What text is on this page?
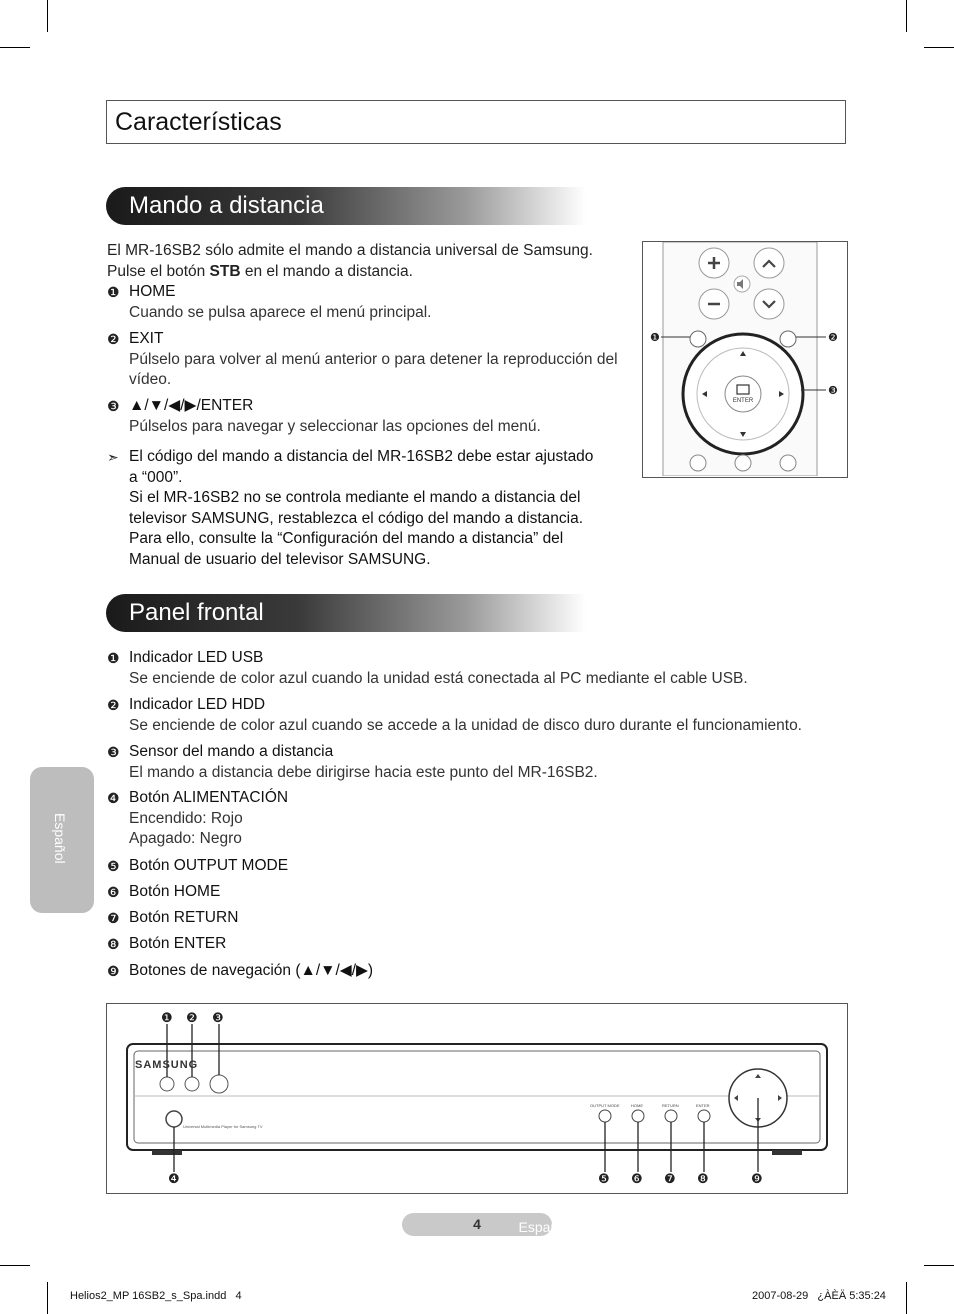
Características
Mando a distancia
El MR-16SB2 sólo admite el mando a distancia universal de Samsung.
Pulse el botón STB en el mando a distancia.
❶ HOME
Cuando se pulsa aparece el menú principal.
❷ EXIT
Púlselo para volver al menú anterior o para detener la reproducción del
vídeo.
❸ ▲/▼/◀/▶/ENTER
Púlselos para navegar y seleccionar las opciones del menú.
➣ El código del mando a distancia del MR-16SB2 debe estar ajustado
a “000”.
Si el MR-16SB2 no se controla mediante el mando a distancia del
televisor SAMSUNG, restablezca el código del mando a distancia.
Para ello, consulte la “Configuración del mando a distancia” del
Manual de usuario del televisor SAMSUNG.
ENTER
❶	❷
❸
Panel frontal
❶ Indicador LED USB
Se enciende de color azul cuando la unidad está conectada al PC mediante el cable USB.
❷ Indicador LED HDD
Se enciende de color azul cuando se accede a la unidad de disco duro durante el funcionamiento.
❸ Sensor del mando a distancia
El mando a distancia debe dirigirse hacia este punto del MR-16SB2.
❹ Botón ALIMENTACIÓN
Encendido: Rojo
Apagado: Negro
❺ Botón OUTPUT MODE
❻ Botón HOME
❼ Botón RETURN
❽ Botón ENTER
❾ Botones de navegación (▲/▼/◀/▶)
SAMSUNG
Universal Multimedia Player for Samsung TV
OUTPUT MODE	HOME	RETURN	ENTER
❶ ❷ ❸
❹	❺ ❻ ❼ ❽	❾
Español
Español -
4
Helios2_MP 16SB2_s_Spa.indd   4	2007-08-29   ¿ÀÈÄ 5:35:24
